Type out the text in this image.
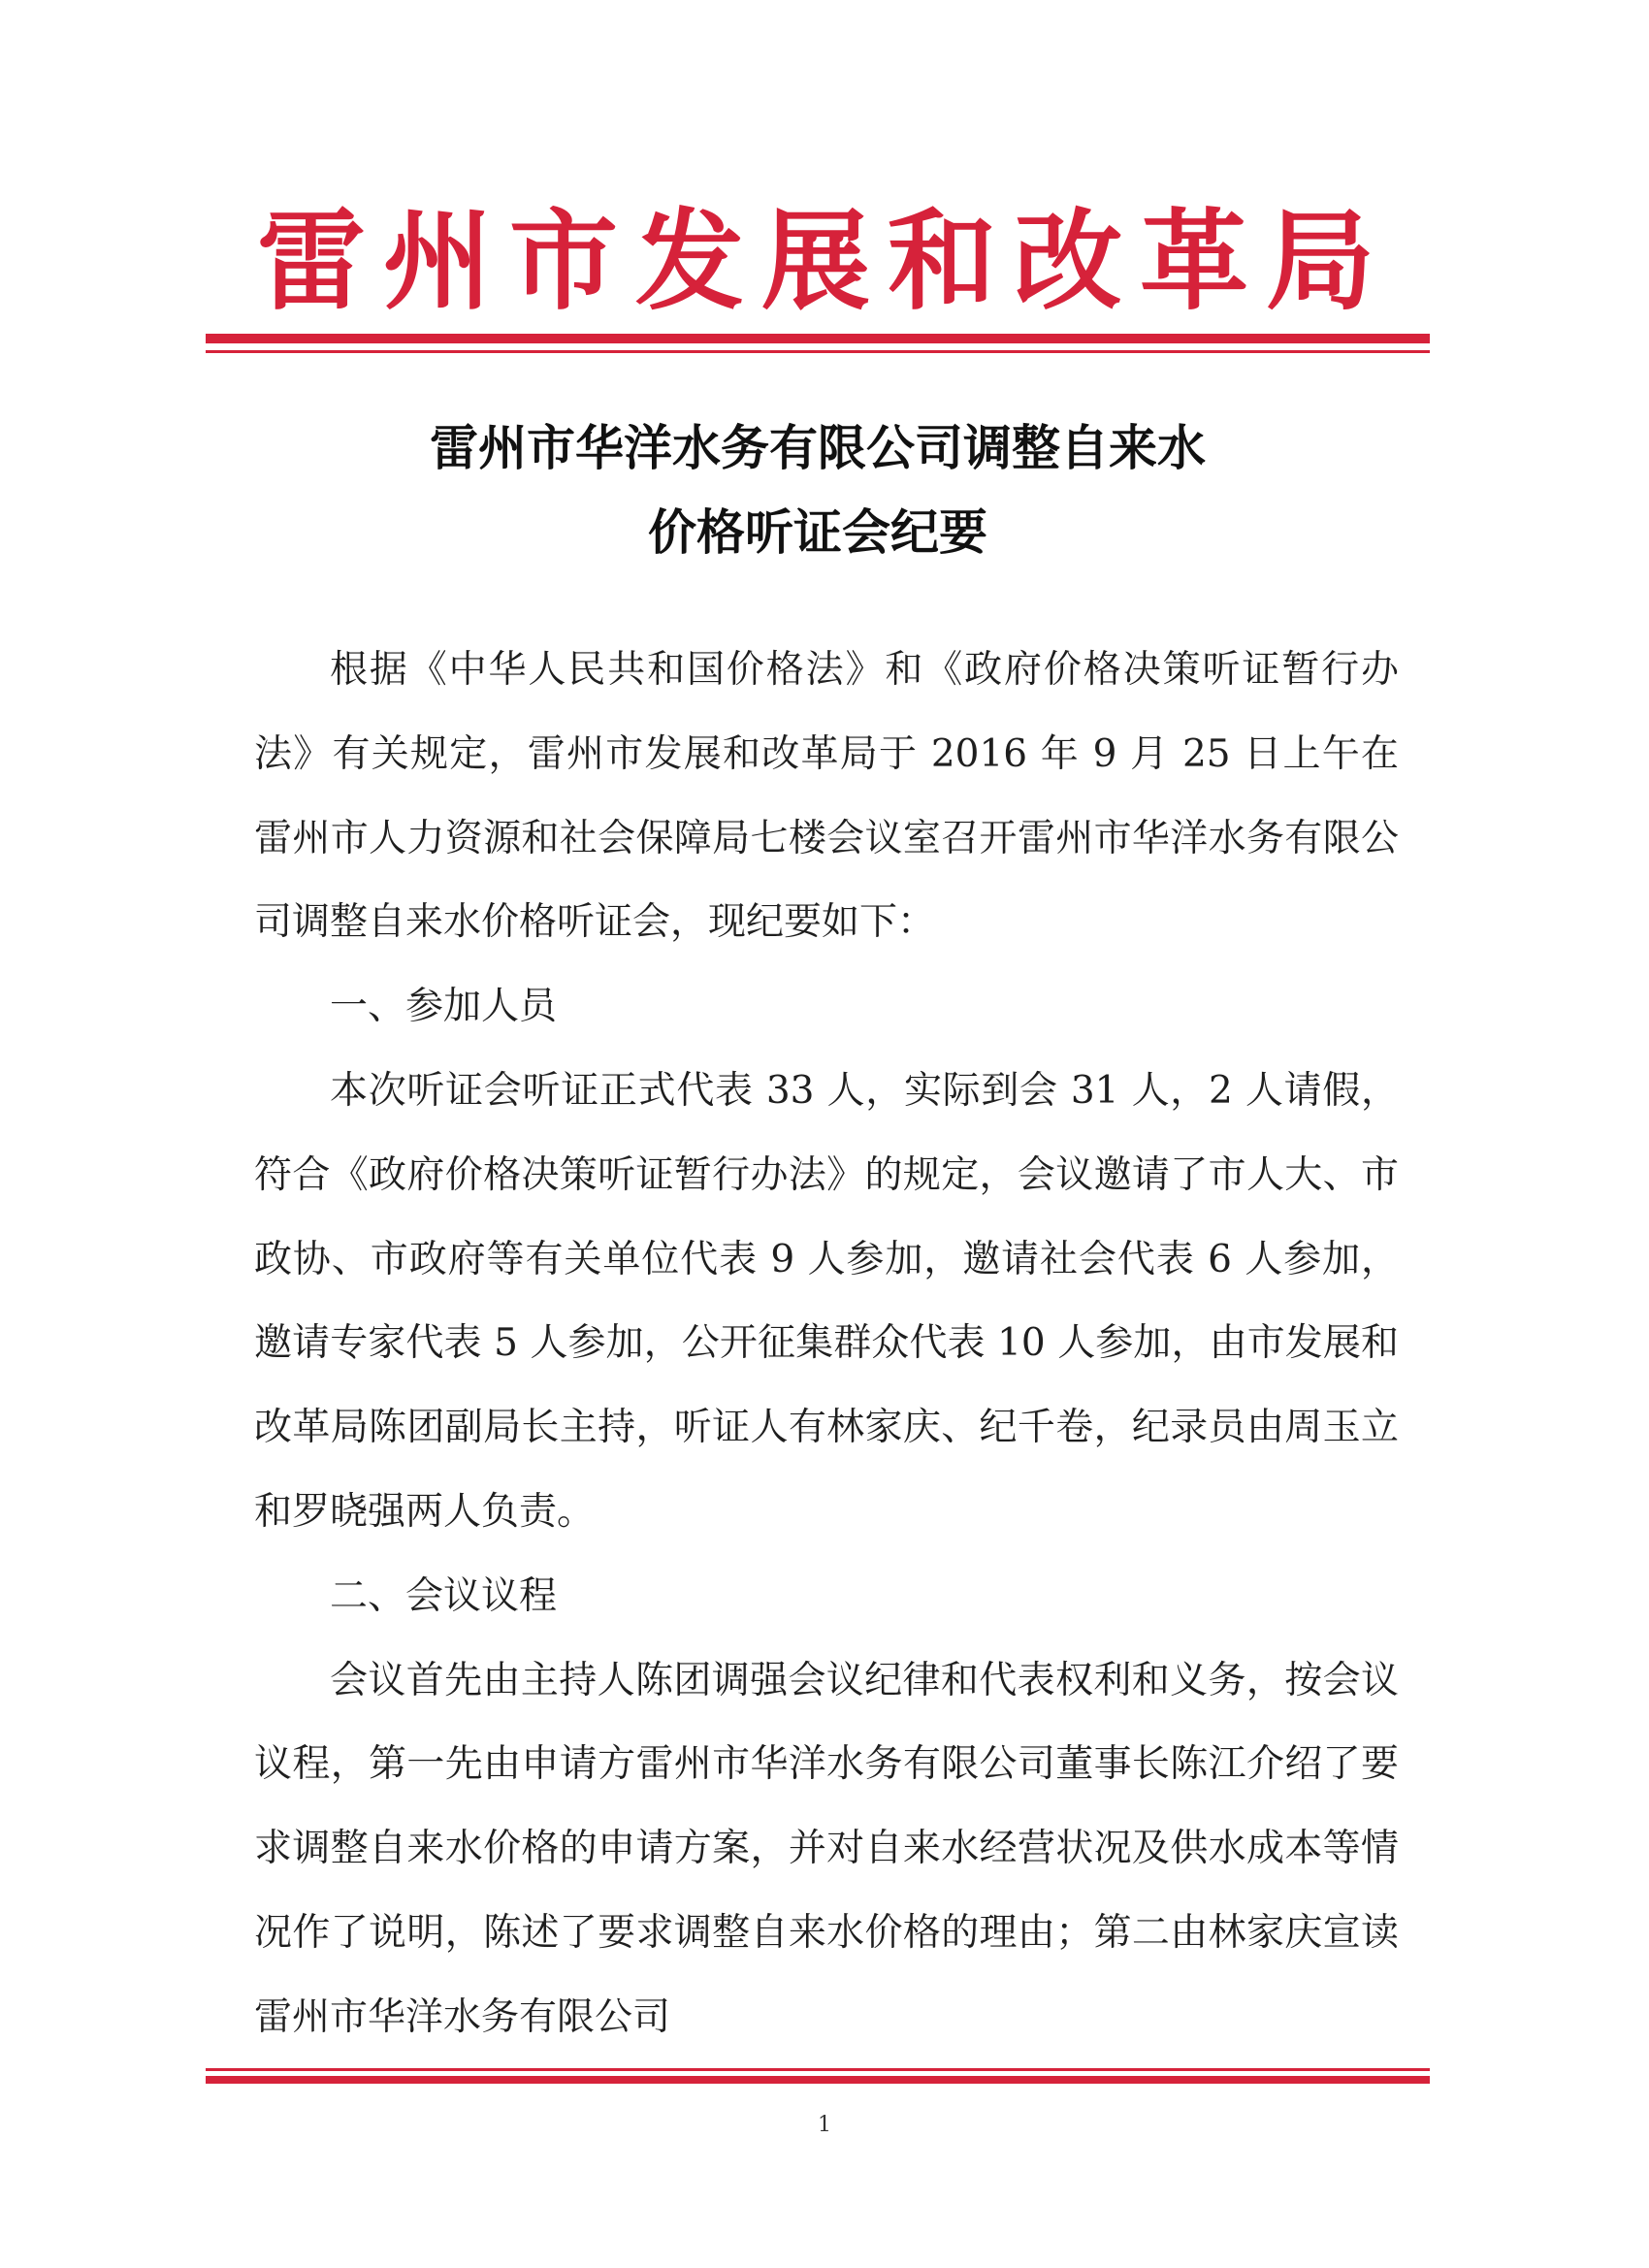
雷州市发展和改革局
雷州市华洋水务有限公司调整自来水
价格听证会纪要

根据《中华人民共和国价格法》和《政府价格决策听证暂行办法》有关规定，雷州市发展和改革局于 2016 年 9 月 25 日上午在雷州市人力资源和社会保障局七楼会议室召开雷州市华洋水务有限公司调整自来水价格听证会，现纪要如下：

一、参加人员

本次听证会听证正式代表 33 人，实际到会 31 人，2 人请假，符合《政府价格决策听证暂行办法》的规定，会议邀请了市人大、市政协、市政府等有关单位代表 9 人参加，邀请社会代表 6 人参加，邀请专家代表 5 人参加，公开征集群众代表 10 人参加，由市发展和改革局陈团副局长主持，听证人有林家庆、纪千卷，纪录员由周玉立和罗晓强两人负责。

二、会议议程

会议首先由主持人陈团调强会议纪律和代表权利和义务，按会议议程，第一先由申请方雷州市华洋水务有限公司董事长陈江介绍了要求调整自来水价格的申请方案，并对自来水经营状况及供水成本等情况作了说明，陈述了要求调整自来水价格的理由；第二由林家庆宣读雷州市华洋水务有限公司

1
